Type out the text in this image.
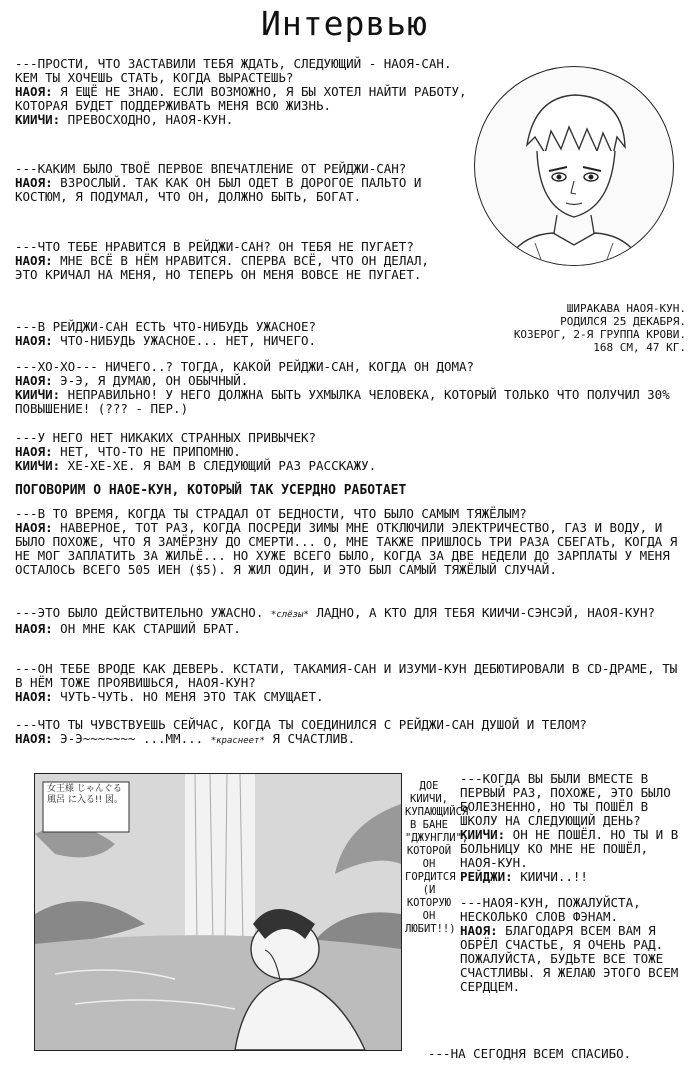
Интервью

---ПРОСТИ, ЧТО ЗАСТАВИЛИ ТЕБЯ ЖДАТЬ, СЛЕДУЮЩИЙ - НАОЯ-САН. КЕМ ТЫ ХОЧЕШЬ СТАТЬ, КОГДА ВЫРАСТЕШЬ?

НАОЯ: Я ЕЩЁ НЕ ЗНАЮ. ЕСЛИ ВОЗМОЖНО, Я БЫ ХОТЕЛ НАЙТИ РАБОТУ, КОТОРАЯ БУДЕТ ПОДДЕРЖИВАТЬ МЕНЯ ВСЮ ЖИЗНЬ.

КИИЧИ: ПРЕВОСХОДНО, НАОЯ-КУН.

ШИРАКАВА НАОЯ-КУН.
РОДИЛСЯ 25 ДЕКАБРЯ.
КОЗЕРОГ, 2-Я ГРУППА КРОВИ.
168 СМ, 47 КГ.

---КАКИМ БЫЛО ТВОЁ ПЕРВОЕ ВПЕЧАТЛЕНИЕ ОТ РЕЙДЖИ-САН?

НАОЯ: ВЗРОСЛЫЙ. ТАК КАК ОН БЫЛ ОДЕТ В ДОРОГОЕ ПАЛЬТО И КОСТЮМ, Я ПОДУМАЛ, ЧТО ОН, ДОЛЖНО БЫТЬ, БОГАТ.

---ЧТО ТЕБЕ НРАВИТСЯ В РЕЙДЖИ-САН? ОН ТЕБЯ НЕ ПУГАЕТ?

НАОЯ: МНЕ ВСЁ В НЁМ НРАВИТСЯ. СПЕРВА ВСЁ, ЧТО ОН ДЕЛАЛ, ЭТО КРИЧАЛ НА МЕНЯ, НО ТЕПЕРЬ ОН МЕНЯ ВОВСЕ НЕ ПУГАЕТ.

---В РЕЙДЖИ-САН ЕСТЬ ЧТО-НИБУДЬ УЖАСНОЕ?

НАОЯ: ЧТО-НИБУДЬ УЖАСНОЕ... НЕТ, НИЧЕГО.

---ХО-ХО--- НИЧЕГО..? ТОГДА, КАКОЙ РЕЙДЖИ-САН, КОГДА ОН ДОМА?

НАОЯ: Э-Э, Я ДУМАЮ, ОН ОБЫЧНЫЙ.

КИИЧИ: НЕПРАВИЛЬНО! У НЕГО ДОЛЖНА БЫТЬ УХМЫЛКА ЧЕЛОВЕКА, КОТОРЫЙ ТОЛЬКО ЧТО ПОЛУЧИЛ 30% ПОВЫШЕНИЕ! (??? - ПЕР.)

---У НЕГО НЕТ НИКАКИХ СТРАННЫХ ПРИВЫЧЕК?

НАОЯ: НЕТ, ЧТО-ТО НЕ ПРИПОМНЮ.

КИИЧИ: ХЕ-ХЕ-ХЕ. Я ВАМ В СЛЕДУЮЩИЙ РАЗ РАССКАЖУ.

ПОГОВОРИМ О НАОЕ-КУН, КОТОРЫЙ ТАК УСЕРДНО РАБОТАЕТ

---В ТО ВРЕМЯ, КОГДА ТЫ СТРАДАЛ ОТ БЕДНОСТИ, ЧТО БЫЛО САМЫМ ТЯЖЁЛЫМ?

НАОЯ: НАВЕРНОЕ, ТОТ РАЗ, КОГДА ПОСРЕДИ ЗИМЫ МНЕ ОТКЛЮЧИЛИ ЭЛЕКТРИЧЕСТВО, ГАЗ И ВОДУ, И БЫЛО ПОХОЖЕ, ЧТО Я ЗАМЁРЗНУ ДО СМЕРТИ... О, МНЕ ТАКЖЕ ПРИШЛОСЬ ТРИ РАЗА СБЕГАТЬ, КОГДА Я НЕ МОГ ЗАПЛАТИТЬ ЗА ЖИЛЬЁ... НО ХУЖЕ ВСЕГО БЫЛО, КОГДА ЗА ДВЕ НЕДЕЛИ ДО ЗАРПЛАТЫ У МЕНЯ ОСТАЛОСЬ ВСЕГО 505 ИЕН ($5). Я ЖИЛ ОДИН, И ЭТО БЫЛ САМЫЙ ТЯЖЁЛЫЙ СЛУЧАЙ.

---ЭТО БЫЛО ДЕЙСТВИТЕЛЬНО УЖАСНО. *слёзы* ЛАДНО, А КТО ДЛЯ ТЕБЯ КИИЧИ-СЭНСЭЙ, НАОЯ-КУН?

НАОЯ: ОН МНЕ КАК СТАРШИЙ БРАТ.

---ОН ТЕБЕ ВРОДЕ КАК ДЕВЕРЬ. КСТАТИ, ТАКАМИЯ-САН И ИЗУМИ-КУН ДЕБЮТИРОВАЛИ В CD-ДРАМЕ, ТЫ В НЁМ ТОЖЕ ПРОЯВИШЬСЯ, НАОЯ-КУН?

НАОЯ: ЧУТЬ-ЧУТЬ. НО МЕНЯ ЭТО ТАК СМУЩАЕТ.

---ЧТО ТЫ ЧУВСТВУЕШЬ СЕЙЧАС, КОГДА ТЫ СОЕДИНИЛСЯ С РЕЙДЖИ-САН ДУШОЙ И ТЕЛОМ?

НАОЯ: Э-Э~~~~~~~ ...ММ... *краснеет* Я СЧАСТЛИВ.

女王様 じゃんぐる風呂 に入る!! 図。
ДОЕ КИИЧИ, КУПАЮЩИЙСЯ В БАНЕ "ДЖУНГЛИ", КОТОРОЙ ОН ГОРДИТСЯ (И КОТОРУЮ ОН ЛЮБИТ!!)

---КОГДА ВЫ БЫЛИ ВМЕСТЕ В ПЕРВЫЙ РАЗ, ПОХОЖЕ, ЭТО БЫЛО БОЛЕЗНЕННО, НО ТЫ ПОШЁЛ В ШКОЛУ НА СЛЕДУЮЩИЙ ДЕНЬ?

КИИЧИ: ОН НЕ ПОШЁЛ. НО ТЫ И В БОЛЬНИЦУ КО МНЕ НЕ ПОШЁЛ, НАОЯ-КУН.

РЕЙДЖИ: КИИЧИ..!!

---НАОЯ-КУН, ПОЖАЛУЙСТА, НЕСКОЛЬКО СЛОВ ФЭНАМ.

НАОЯ: БЛАГОДАРЯ ВСЕМ ВАМ Я ОБРЁЛ СЧАСТЬЕ, Я ОЧЕНЬ РАД. ПОЖАЛУЙСТА, БУДЬТЕ ВСЕ ТОЖЕ СЧАСТЛИВЫ. Я ЖЕЛАЮ ЭТОГО ВСЕМ СЕРДЦЕМ.

---НА СЕГОДНЯ ВСЕМ СПАСИБО.
